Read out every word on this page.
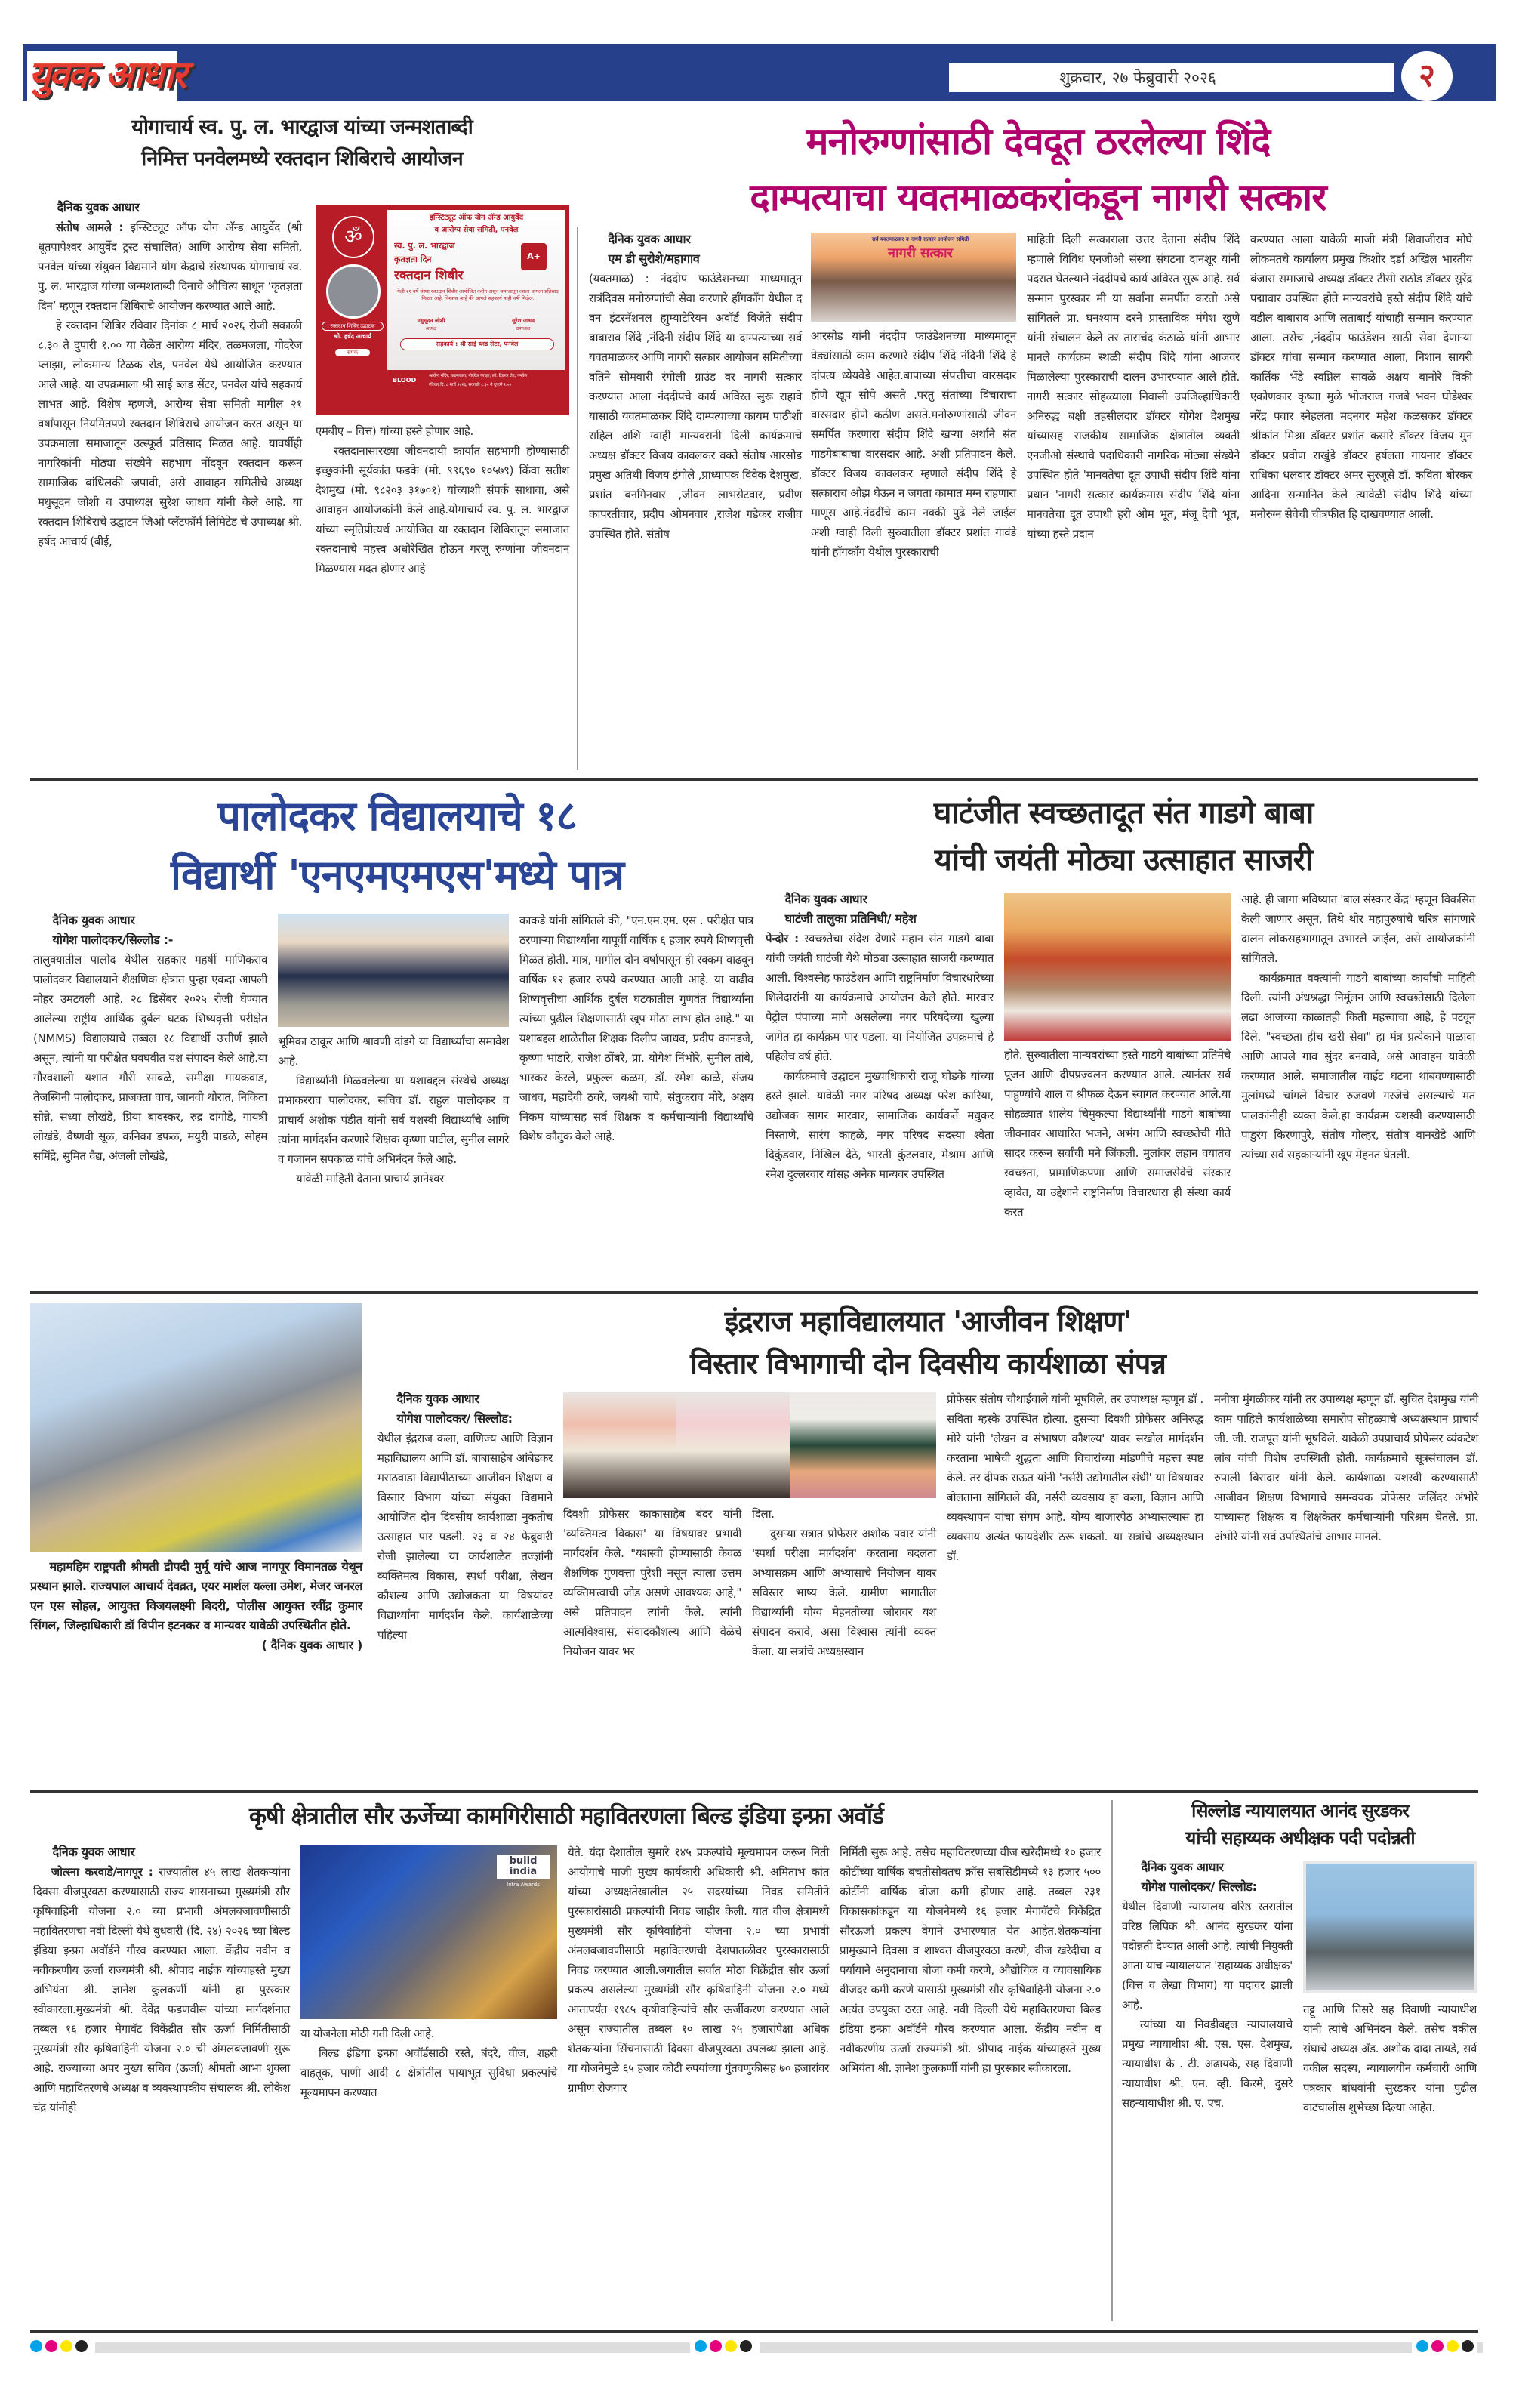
युवक आधार	शुक्रवार, २७ फेब्रुवारी २०२६	२
योगाचार्य स्व. पु. ल. भारद्वाज यांच्या जन्मशताब्दी
निमित्त पनवेलमध्ये रक्तदान शिबिराचे आयोजन
दैनिक युवक आधार

संतोष आमले : इन्स्टिट्यूट ऑफ योग अ‍ॅन्ड आयुर्वेद (श्री धूतपापेश्वर आयुर्वेद ट्रस्ट संचालित) आणि आरोग्य सेवा समिती, पनवेल यांच्या संयुक्त विद्यमाने योग केंद्राचे संस्थापक योगाचार्य स्व. पु. ल. भारद्वाज यांच्या जन्मशताब्दी दिनाचे औचित्य साधून ‘कृतज्ञता दिन’ म्हणून रक्तदान शिबिराचे आयोजन करण्यात आले आहे.

हे रक्तदान शिबिर रविवार दिनांक ८ मार्च २०२६ रोजी सकाळी ८.३० ते दुपारी १.०० या वेळेत आरोग्य मंदिर, तळमजला, गोदरेज प्लाझा, लोकमान्य टिळक रोड, पनवेल येथे आयोजित करण्यात आले आहे. या उपक्रमाला श्री साई ब्लड सेंटर, पनवेल यांचे सहकार्य लाभत आहे. विशेष म्हणजे, आरोग्य सेवा समिती मागील २१ वर्षांपासून नियमितपणे रक्तदान शिबिराचे आयोजन करत असून या उपक्रमाला समाजातून उत्स्फूर्त प्रतिसाद मिळत आहे. यावर्षीही नागरिकांनी मोठ्या संख्येने सहभाग नोंदवून रक्तदान करून सामाजिक बांधिलकी जपावी, असे आवाहन समितीचे अध्यक्ष मधुसूदन जोशी व उपाध्यक्ष सुरेश जाधव यांनी केले आहे. या रक्तदान शिबिराचे उद्घाटन जिओ प्लॅटफॉर्म लिमिटेड चे उपाध्यक्ष श्री. हर्षद आचार्य (बीई,

ॐ
इन्स्टिट्यूट ऑफ योग अ‍ॅन्ड आयुर्वेद
व आरोग्य सेवा समिती, पनवेल
स्व. पु. ल. भारद्वाज
कृतज्ञता दिन
रक्तदान शिबीर
A+
रक्तदान शिबिर उद्घाटक
श्री. हर्षद आचार्य
संपर्क
गेली २१ वर्षे संस्था रक्तदान शिबीर आयोजित करीत असून समाजातून त्याला चांगला प्रतिसाद मिळत आहे. विश्वास आहे की आपले सहकार्य याही वर्षी मिळेल.
मधुसूदन जोशी
अध्यक्ष
सुरेश जाधव
उपाध्यक्ष
सहकार्य : श्री साई ब्लड सेंटर, पनवेल
BLOOD
आरोग्य मंदिर, तळमजला, गोदरेज प्लाझा, लो. टिळक रोड, पनवेल
रविवार दि. ८ मार्च २०२६, सकाळी ८.३० ते दुपारी १.००

एमबीए – वित्त) यांच्या हस्ते होणार आहे.

रक्तदानासारख्या जीवनदायी कार्यात सहभागी होण्यासाठी इच्छुकांनी सूर्यकांत फडके (मो. ९९६९० १०५७९) किंवा सतीश देशमुख (मो. ९८२०३ ३१७०१) यांच्याशी संपर्क साधावा, असे आवाहन आयोजकांनी केले आहे.योगाचार्य स्व. पु. ल. भारद्वाज यांच्या स्मृतिप्रीत्यर्थ आयोजित या रक्तदान शिबिरातून समाजात रक्तदानाचे महत्त्व अधोरेखित होऊन गरजू रुग्णांना जीवनदान मिळण्यास मदत होणार आहे

मनोरुग्णांसाठी देवदूत ठरलेल्या शिंदे
दाम्पत्याचा यवतमाळकरांकडून नागरी सत्कार
दैनिक युवक आधार
एम डी सुरोशे/महागाव

(यवतमाळ) : नंददीप फाउंडेशनच्या माध्यमातून रात्रंदिवस मनोरुग्णांची सेवा करणारे हॉंगकॉंग येथील द वन इंटरनॅशनल ह्युम्याटेरियन अवॉर्ड विजेते संदीप बाबाराव शिंदे ,नंदिनी संदीप शिंदे या दाम्पत्याच्या सर्व यवतमाळकर आणि नागरी सत्कार आयोजन समितीच्या वतिने सोमवारी रंगोली ग्राउंड वर नागरी सत्कार करण्यात आला नंददीपचे कार्य अविरत सुरू राहावे यासाठी यवतमाळकर शिंदे दाम्पत्याच्या कायम पाठीशी राहिल अशि ग्वाही मान्यवरानी दिली कार्यक्रमाचे अध्यक्ष डॉक्टर विजय कावलकर वक्ते संतोष आरसोड प्रमुख अतिथी विजय इंगोले ,प्राध्यापक विवेक देशमुख, प्रशांत बनगिनवार ,जीवन लाभसेटवार, प्रवीण कापरतीवार, प्रदीप ओमनवार ,राजेश गडेकर राजीव उपस्थित होते. संतोष

सर्व यवतमाळकर व नागरी सत्कार आयोजन समिती
नागरी सत्कार

आरसोड यांनी नंददीप फाउंडेशनच्या माध्यमातून वेड्यांसाठी काम करणारे संदीप शिंदे नंदिनी शिंदे हे दांपत्य ध्येयवेडे आहेत.बापाच्या संपत्तीचा वारसदार होणे खूप सोपे असते .परंतु संतांच्या विचाराचा वारसदार होणे कठीण असते.मनोरुग्णांसाठी जीवन समर्पित करणारा संदीप शिंदे खऱ्या अर्थाने संत गाडगेबाबांचा वारसदार आहे. अशी प्रतिपादन केले. डॉक्टर विजय कावलकर म्हणाले संदीप शिंदे हे सत्काराच ओझ घेऊन न जगता कामात मग्न राहणारा माणूस आहे.नंददींचे काम नक्की पुढे नेले जाईल अशी ग्वाही दिली सुरुवातीला डॉक्टर प्रशांत गावंडे यांनी हॉंगकॉंग येथील पुरस्काराची

माहिती दिली सत्काराला उत्तर देताना संदीप शिंदे म्हणाले विविध एनजीओ संस्था संघटना दानशूर यांनी पदरात घेतल्याने नंददीपचे कार्य अविरत सुरू आहे. सर्व सन्मान पुरस्कार मी या सर्वांना समर्पीत करतो असे सांगितले प्रा. घनश्याम दरने प्रास्ताविक मंगेश खुणे यांनी संचालन केले तर ताराचंद कंठाळे यांनी आभार मानले कार्यक्रम स्थळी संदीप शिंदे यांना आजवर मिळालेल्या पुरस्काराची दालन उभारण्यात आले होते. नागरी सत्कार सोहळ्याला निवासी उपजिल्हाधिकारी अनिरुद्ध बक्षी तहसीलदार डॉक्टर योगेश देशमुख यांच्यासह राजकीय सामाजिक क्षेत्रातील व्यक्ती एनजीओ संस्थाचे पदाधिकारी नागरिक मोठ्या संख्येने उपस्थित होते 'मानवतेचा दूत उपाधी संदीप शिंदे यांना प्रधान 'नागरी सत्कार कार्यक्रमास संदीप शिंदे यांना मानवतेचा दूत उपाधी हरी ओम भूत, मंजू देवी भूत, यांच्या हस्ते प्रदान

करण्यात आला यावेळी माजी मंत्री शिवाजीराव मोघे लोकमतचे कार्यालय प्रमुख किशोर दर्डा अखिल भारतीय बंजारा समाजाचे अध्यक्ष डॉक्टर टीसी राठोड डॉक्टर सुरेंद्र पद्मावार उपस्थित होते मान्यवरांचे हस्ते संदीप शिंदे यांचे वडील बाबाराव आणि लताबाई यांचाही सन्मान करण्यात आला. तसेच ,नंददीप फाउंडेशन साठी सेवा देणाऱ्या डॉक्टर यांचा सन्मान करण्यात आला, निशान सायरी कार्तिक भेंडे स्वप्निल सावळे अक्षय बानोरे विकी एकोणकार कृष्णा मुळे भोजराज गजबे भवन घोडेश्वर नरेंद्र पवार स्नेहलता मदनगर महेश कळसकर डॉक्टर श्रीकांत मिश्रा डॉक्टर प्रशांत कसारे डॉक्टर विजय मुन डॉक्टर प्रवीण राखुंडे डॉक्टर हर्षलता गायनार डॉक्टर राधिका धलवार डॉक्टर अमर सुरजूसे डॉ. कविता बोरकर आदिना सन्मानित केले त्यावेळी संदीप शिंदे यांच्या मनोरुग्न सेवेची चीत्रफीत हि दाखवण्यात आली.

पालोदकर विद्यालयाचे १८
विद्यार्थी 'एनएमएमएस'मध्ये पात्र
दैनिक युवक आधार
योगेश पालोदकर/सिल्लोड :-

तालुक्यातील पालोद येथील सहकार महर्षी माणिकराव पालोदकर विद्यालयाने शैक्षणिक क्षेत्रात पुन्हा एकदा आपली मोहर उमटवली आहे. २८ डिसेंबर २०२५ रोजी घेण्यात आलेल्या राष्ट्रीय आर्थिक दुर्बल घटक शिष्यवृत्ती परीक्षेत (NMMS) विद्यालयाचे तब्बल १८ विद्यार्थी उत्तीर्ण झाले असून, त्यांनी या परीक्षेत घवघवीत यश संपादन केले आहे.या गौरवशाली यशात गौरी साबळे, समीक्षा गायकवाड, तेजस्विनी पालोदकर, प्राजक्ता वाघ, जानवी थोरात, निकिता सोन्ने, संध्या लोखंडे, प्रिया बावस्कर, रुद्र दांगोडे, गायत्री लोखंडे, वैष्णवी सूळ, कनिका डफळ, मयुरी पाडळे, सोहम समिंद्रे, सुमित वैद्य, अंजली लोखंडे,

भूमिका ठाकूर आणि श्रावणी दांडगे या विद्यार्थ्यांचा समावेश आहे.

विद्यार्थ्यांनी मिळवलेल्या या यशाबद्दल संस्थेचे अध्यक्ष प्रभाकरराव पालोदकर, सचिव डॉ. राहुल पालोदकर व प्राचार्य अशोक पंडीत यांनी सर्व यशस्वी विद्यार्थ्यांचे आणि त्यांना मार्गदर्शन करणारे शिक्षक कृष्णा पाटील, सुनील सागरे व गजानन सपकाळ यांचे अभिनंदन केले आहे.

यावेळी माहिती देताना प्राचार्य ज्ञानेश्वर

काकडे यांनी सांगितले की, "एन.एम.एम. एस . परीक्षेत पात्र ठरणाऱ्या विद्यार्थ्यांना यापूर्वी वार्षिक ६ हजार रुपये शिष्यवृत्ती मिळत होती. मात्र, मागील दोन वर्षांपासून ही रक्कम वाढवून वार्षिक १२ हजार रुपये करण्यात आली आहे. या वाढीव शिष्यवृत्तीचा आर्थिक दुर्बल घटकातील गुणवंत विद्यार्थ्यांना त्यांच्या पुढील शिक्षणासाठी खूप मोठा लाभ होत आहे." या यशाबद्दल शाळेतील शिक्षक दिलीप जाधव, प्रदीप कानडजे, कृष्णा भांडारे, राजेश ठोंबरे, प्रा. योगेश निंभोरे, सुनील तांबे, भास्कर केरले, प्रफुल्ल कळम, डॉ. रमेश काळे, संजय जाधव, महादेवी ठवरे, जयश्री चापे, संतुकराव मोरे, अक्षय निकम यांच्यासह सर्व शिक्षक व कर्मचाऱ्यांनी विद्यार्थ्यांचे विशेष कौतुक केले आहे.

घाटंजीत स्वच्छतादूत संत गाडगे बाबा
यांची जयंती मोठ्या उत्साहात साजरी
दैनिक युवक आधार
घाटंजी तालुका प्रतिनिधी/ महेश

पेन्दोर : स्वच्छतेचा संदेश देणारे महान संत गाडगे बाबा यांची जयंती घाटंजी येथे मोठ्या उत्साहात साजरी करण्यात आली. विश्वस्नेह फाउंडेशन आणि राष्ट्रनिर्माण विचारधारेच्या शिलेदारांनी या कार्यक्रमाचे आयोजन केले होते. मारवार पेट्रोल पंपाच्या मागे असलेल्या नगर परिषदेच्या खुल्या जागेत हा कार्यक्रम पार पडला. या नियोजित उपक्रमाचे हे पहिलेच वर्ष होते.

कार्यक्रमाचे उद्घाटन मुख्याधिकारी राजू घोडके यांच्या हस्ते झाले. यावेळी नगर परिषद अध्यक्ष परेश कारिया, उद्योजक सागर मारवार, सामाजिक कार्यकर्ते मधुकर निस्ताणे, सारंग काहळे, नगर परिषद सदस्या श्वेता दिकुंडवार, निखिल देठे, भारती कुंटलवार, मेश्राम आणि रमेश दुल्लरवार यांसह अनेक मान्यवर उपस्थित

होते. सुरुवातीला मान्यवरांच्या हस्ते गाडगे बाबांच्या प्रतिमेचे पूजन आणि दीपप्रज्वलन करण्यात आले. त्यानंतर सर्व पाहुण्यांचे शाल व श्रीफळ देऊन स्वागत करण्यात आले.या सोहळ्यात शालेय चिमुकल्या विद्यार्थ्यांनी गाडगे बाबांच्या जीवनावर आधारित भजने, अभंग आणि स्वच्छतेची गीते सादर करून सर्वांची मने जिंकली. मुलांवर लहान वयातच स्वच्छता, प्रामाणिकपणा आणि समाजसेवेचे संस्कार व्हावेत, या उद्देशाने राष्ट्रनिर्माण विचारधारा ही संस्था कार्य करत

आहे. ही जागा भविष्यात 'बाल संस्कार केंद्र' म्हणून विकसित केली जाणार असून, तिथे थोर महापुरुषांचे चरित्र सांगणारे दालन लोकसहभागातून उभारले जाईल, असे आयोजकांनी सांगितले.

कार्यक्रमात वक्त्यांनी गाडगे बाबांच्या कार्याची माहिती दिली. त्यांनी अंधश्रद्धा निर्मूलन आणि स्वच्छतेसाठी दिलेला लढा आजच्या काळातही किती महत्त्वाचा आहे, हे पटवून दिले. "स्वच्छता हीच खरी सेवा" हा मंत्र प्रत्येकाने पाळावा आणि आपले गाव सुंदर बनवावे, असे आवाहन यावेळी करण्यात आले. समाजातील वाईट घटना थांबवण्यासाठी मुलांमध्ये चांगले विचार रुजवणे गरजेचे असल्याचे मत पालकांनीही व्यक्त केले.हा कार्यक्रम यशस्वी करण्यासाठी पांडुरंग किरणापुरे, संतोष गोल्हर, संतोष वानखेडे आणि त्यांच्या सर्व सहकाऱ्यांनी खूप मेहनत घेतली.

महामहिम राष्ट्रपती श्रीमती द्रौपदी मुर्मू यांचे आज नागपूर विमानतळ येथून प्रस्थान झाले. राज्यपाल आचार्य देवव्रत, एयर मार्शल यल्ला उमेश, मेजर जनरल एन एस सोहल, आयुक्त विजयलक्ष्मी बिदरी, पोलीस आयुक्त रवींद्र कुमार सिंगल, जिल्हाधिकारी डॉ विपीन इटनकर व मान्यवर यावेळी उपस्थितीत होते.
( दैनिक युवक आधार )
इंद्रराज महाविद्यालयात 'आजीवन शिक्षण'
विस्तार विभागाची दोन दिवसीय कार्यशाळा संपन्न
दैनिक युवक आधार
योगेश पालोदकर/ सिल्लोड:

येथील इंद्रराज कला, वाणिज्य आणि विज्ञान महाविद्यालय आणि डॉ. बाबासाहेब आंबेडकर मराठवाडा विद्यापीठाच्या आजीवन शिक्षण व विस्तार विभाग यांच्या संयुक्त विद्यमाने आयोजित दोन दिवसीय कार्यशाळा नुकतीच उत्साहात पार पडली. २३ व २४ फेब्रुवारी रोजी झालेल्या या कार्यशाळेत तज्ज्ञांनी व्यक्तिमत्व विकास, स्पर्धा परीक्षा, लेखन कौशल्य आणि उद्योजकता या विषयांवर विद्यार्थ्यांना मार्गदर्शन केले. कार्यशाळेच्या पहिल्या

दिवशी प्रोफेसर काकासाहेब बंदर यांनी 'व्यक्तिमत्व विकास' या विषयावर प्रभावी मार्गदर्शन केले. "यशस्वी होण्यासाठी केवळ शैक्षणिक गुणवत्ता पुरेशी नसून त्याला उत्तम व्यक्तिमत्त्वाची जोड असणे आवश्यक आहे," असे प्रतिपादन त्यांनी केले. त्यांनी आत्मविश्वास, संवादकौशल्य आणि वेळेचे नियोजन यावर भर

दिला.

दुसऱ्या सत्रात प्रोफेसर अशोक पवार यांनी 'स्पर्धा परीक्षा मार्गदर्शन' करताना बदलता अभ्यासक्रम आणि अभ्यासाचे नियोजन यावर सविस्तर भाष्य केले. ग्रामीण भागातील विद्यार्थ्यांनी योग्य मेहनतीच्या जोरावर यश संपादन करावे, असा विश्वास त्यांनी व्यक्त केला. या सत्रांचे अध्यक्षस्थान

प्रोफेसर संतोष चौथाईवाले यांनी भूषविले, तर उपाध्यक्ष म्हणून डॉ . सविता म्हस्के उपस्थित होत्या. दुसऱ्या दिवशी प्रोफेसर अनिरुद्ध मोरे यांनी 'लेखन व संभाषण कौशल्य' यावर सखोल मार्गदर्शन करताना भाषेची शुद्धता आणि विचारांच्या मांडणीचे महत्त्व स्पष्ट केले. तर दीपक राऊत यांनी 'नर्सरी उद्योगातील संधी' या विषयावर बोलताना सांगितले की, नर्सरी व्यवसाय हा कला, विज्ञान आणि व्यवस्थापन यांचा संगम आहे. योग्य बाजारपेठ अभ्यासल्यास हा व्यवसाय अत्यंत फायदेशीर ठरू शकतो. या सत्रांचे अध्यक्षस्थान डॉ.

मनीषा मुंगळीकर यांनी तर उपाध्यक्ष म्हणून डॉ. सुचित देशमुख यांनी काम पाहिले कार्यशाळेच्या समारोप सोहळ्याचे अध्यक्षस्थान प्राचार्य जी. जी. राजपूत यांनी भूषविले. यावेळी उपप्राचार्य प्रोफेसर व्यंकटेश लांब यांची विशेष उपस्थिती होती. कार्यक्रमाचे सूत्रसंचालन डॉ. रुपाली बिरादार यांनी केले. कार्यशाळा यशस्वी करण्यासाठी आजीवन शिक्षण विभागाचे समन्वयक प्रोफेसर जलिंदर अंभोरे यांच्यासह शिक्षक व शिक्षकेतर कर्मचाऱ्यांनी परिश्रम घेतले. प्रा. अंभोरे यांनी सर्व उपस्थितांचे आभार मानले.

कृषी क्षेत्रातील सौर ऊर्जेच्या कामगिरीसाठी महावितरणला बिल्ड इंडिया इन्फ्रा अवॉर्ड
दैनिक युवक आधार

जोत्स्ना करवाडे/नागपूर : राज्यातील ४५ लाख शेतकऱ्यांना दिवसा वीजपुरवठा करण्यासाठी राज्य शासनाच्या मुख्यमंत्री सौर कृषिवाहिनी योजना २.० च्या प्रभावी अंमलबजावणीसाठी महावितरणचा नवी दिल्ली येथे बुधवारी (दि. २४) २०२६ च्या बिल्ड इंडिया इन्फ्रा अवॉर्डने गौरव करण्यात आला. केंद्रीय नवीन व नवीकरणीय ऊर्जा राज्यमंत्री श्री. श्रीपाद नाईक यांच्याहस्ते मुख्य अभियंता श्री. ज्ञानेश कुलकर्णी यांनी हा पुरस्कार स्वीकारला.मुख्यमंत्री श्री. देवेंद्र फडणवीस यांच्या मार्गदर्शनात तब्बल १६ हजार मेगावॅट विकेंद्रीत सौर ऊर्जा निर्मितीसाठी मुख्यमंत्री सौर कृषिवाहिनी योजना २.० ची अंमलबजावणी सुरू आहे. राज्याच्या अपर मुख्य सचिव (ऊर्जा) श्रीमती आभा शुक्ला आणि महावितरणचे अध्यक्ष व व्यवस्थापकीय संचालक श्री. लोकेश चंद्र यांनीही

build india
Infra Awards

या योजनेला मोठी गती दिली आहे.

बिल्ड इंडिया इन्फ्रा अवॉर्डसाठी रस्ते, बंदरे, वीज, शहरी वाहतूक, पाणी आदी ८ क्षेत्रांतील पायाभूत सुविधा प्रकल्पांचे मूल्यमापन करण्यात

येते. यंदा देशातील सुमारे १४५ प्रकल्पांचे मूल्यमापन करून निती आयोगाचे माजी मुख्य कार्यकारी अधिकारी श्री. अमिताभ कांत यांच्या अध्यक्षतेखालील २५ सदस्यांच्या निवड समितीने पुरस्कारांसाठी प्रकल्पांची निवड जाहीर केली. यात वीज क्षेत्रामध्ये मुख्यमंत्री सौर कृषिवाहिनी योजना २.० च्या प्रभावी अंमलबजावणीसाठी महावितरणची देशपातळीवर पुरस्कारासाठी निवड करण्यात आली.जगातील सर्वांत मोठा विक्रेंद्रीत सौर ऊर्जा प्रकल्प असलेल्या मुख्यमंत्री सौर कृषिवाहिनी योजना २.० मध्ये आतापर्यंत १९८५ कृषीवाहिन्यांचे सौर ऊर्जीकरण करण्यात आले असून राज्यातील तब्बल १० लाख २५ हजारांपेक्षा अधिक शेतकऱ्यांना सिंचनासाठी दिवसा वीजपुरवठा उपलब्ध झाला आहे. या योजनेमुळे ६५ हजार कोटी रुपयांच्या गुंतवणुकीसह ७० हजारांवर ग्रामीण रोजगार

निर्मिती सुरू आहे. तसेच महावितरणच्या वीज खरेदीमध्ये १० हजार कोटींच्या वार्षिक बचतीसोबतच क्रॉस सबसिडीमध्ये १३ हजार ५०० कोटींनी वार्षिक बोजा कमी होणार आहे. तब्बल २३१ विकासकांकडून या योजनेमध्ये १६ हजार मेगावॅटचे विकेंद्रित सौरऊर्जा प्रकल्प वेगाने उभारण्यात येत आहेत.शेतकऱ्यांना प्रामुख्याने दिवसा व शाश्वत वीजपुरवठा करणे, वीज खरेदीचा व पर्यायाने अनुदानाचा बोजा कमी करणे, औद्योगिक व व्यावसायिक वीजदर कमी करणे यासाठी मुख्यमंत्री सौर कृषिवाहिनी योजना २.० अत्यंत उपयुक्त ठरत आहे. नवी दिल्ली येथे महावितरणचा बिल्ड इंडिया इन्फ्रा अवॉर्डने गौरव करण्यात आला. केंद्रीय नवीन व नवीकरणीय ऊर्जा राज्यमंत्री श्री. श्रीपाद नाईक यांच्याहस्ते मुख्य अभियंता श्री. ज्ञानेश कुलकर्णी यांनी हा पुरस्कार स्वीकारला.

सिल्लोड न्यायालयात आनंद सुरडकर
यांची सहाय्यक अधीक्षक पदी पदोन्नती
दैनिक युवक आधार
योगेश पालोदकर/ सिल्लोड:

येथील दिवाणी न्यायालय वरिष्ठ स्तरातील वरिष्ठ लिपिक श्री. आनंद सुरडकर यांना पदोन्नती देण्यात आली आहे. त्यांची नियुक्ती आता याच न्यायालयात 'सहाय्यक अधीक्षक' (वित्त व लेखा विभाग) या पदावर झाली आहे.

त्यांच्या या निवडीबद्दल न्यायालयाचे प्रमुख न्यायाधीश श्री. एस. एस. देशमुख, न्यायाधीश के . टी. अढायके, सह दिवाणी न्यायाधीश श्री. एम. व्ही. किरमे, दुसरे सहन्यायाधीश श्री. ए. एच.

तट्टू आणि तिसरे सह दिवाणी न्यायाधीश यांनी त्यांचे अभिनंदन केले. तसेच वकील संघाचे अध्यक्ष अ‍ॅड. अशोक दादा तायडे, सर्व वकील सदस्य, न्यायालयीन कर्मचारी आणि पत्रकार बांधवांनी सुरडकर यांना पुढील वाटचालीस शुभेच्छा दिल्या आहेत.
